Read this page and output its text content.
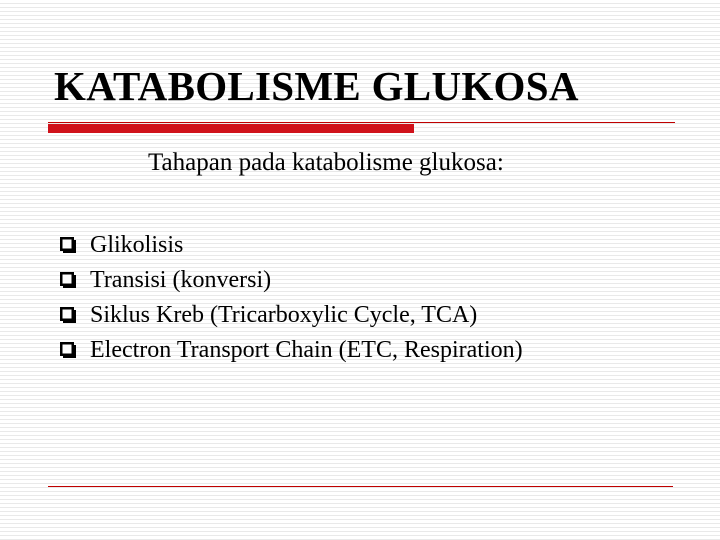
KATABOLISME GLUKOSA
Tahapan pada katabolisme glukosa:
Glikolisis
Transisi (konversi)
Siklus Kreb (Tricarboxylic Cycle, TCA)
Electron Transport Chain (ETC, Respiration)
